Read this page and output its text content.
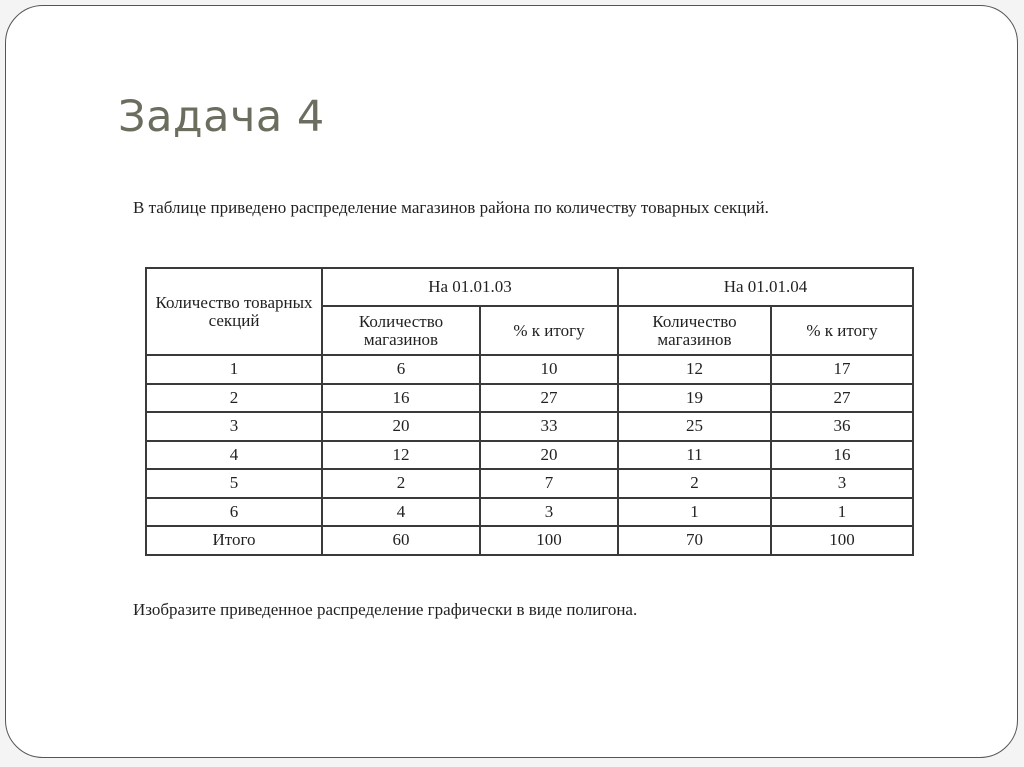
Задача 4
В таблице приведено распределение магазинов района по количеству товарных секций.
Изобразите приведенное распределение графически в виде полигона.
Количество товарных секций	На 01.01.03		На 01.01.04	
	Количество магазинов	% к итогу	Количество магазинов	% к итогу
1	6	10	12	17
2	16	27	19	27
3	20	33	25	36
4	12	20	11	16
5	2	7	2	3
6	4	3	1	1
Итого	60	100	70	100
